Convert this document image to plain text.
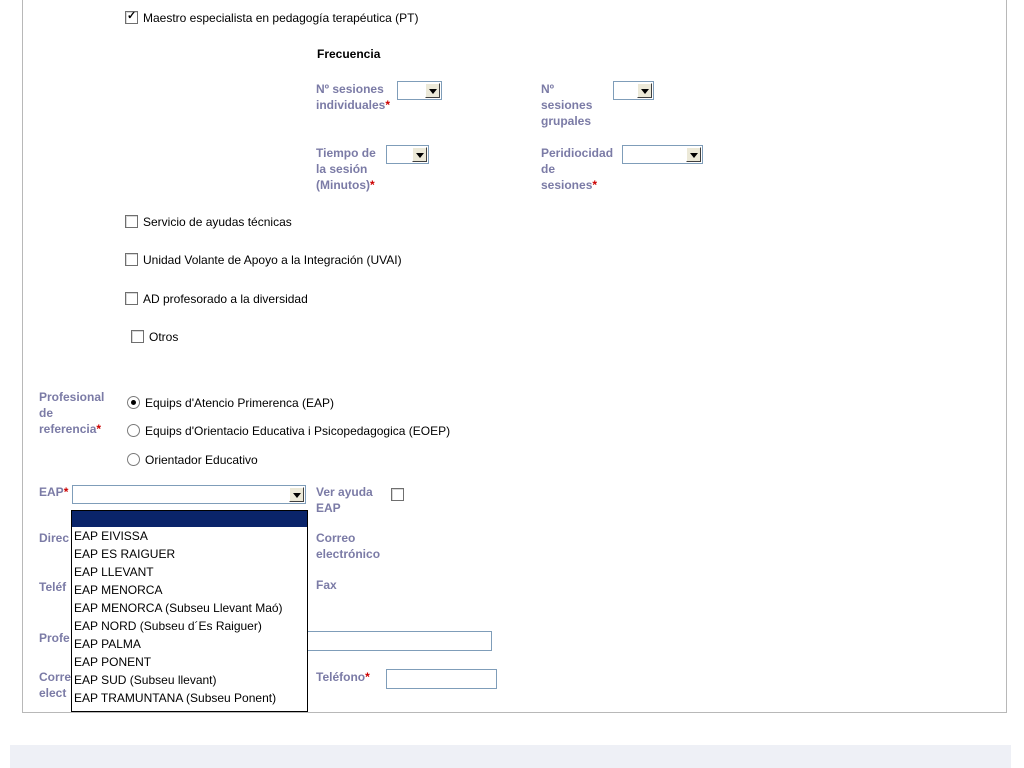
✓ Maestro especialista en pedagogía terapéutica (PT)
Frecuencia
Nº sesiones
individuales*
Nº
sesiones
grupales
Tiempo de
la sesión
(Minutos)*
Peridiocidad
de
sesiones*
Servicio de ayudas técnicas
Unidad Volante de Apoyo a la Integración (UVAI)
AD profesorado a la diversidad
Otros
Profesional
de
referencia*
Equips d'Atencio Primerenca (EAP)
Equips d'Orientacio Educativa i Psicopedagogica (EOEP)
Orientador Educativo
EAP*	Ver ayuda
EAP
Direc
Teléf
Profe
Corre
elect
Correo
electrónico
Fax
Teléfono*
EAP EIVISSA
EAP ES RAIGUER
EAP LLEVANT
EAP MENORCA
EAP MENORCA (Subseu Llevant Maó)
EAP NORD (Subseu d´Es Raiguer)
EAP PALMA
EAP PONENT
EAP SUD (Subseu llevant)
EAP TRAMUNTANA (Subseu Ponent)
